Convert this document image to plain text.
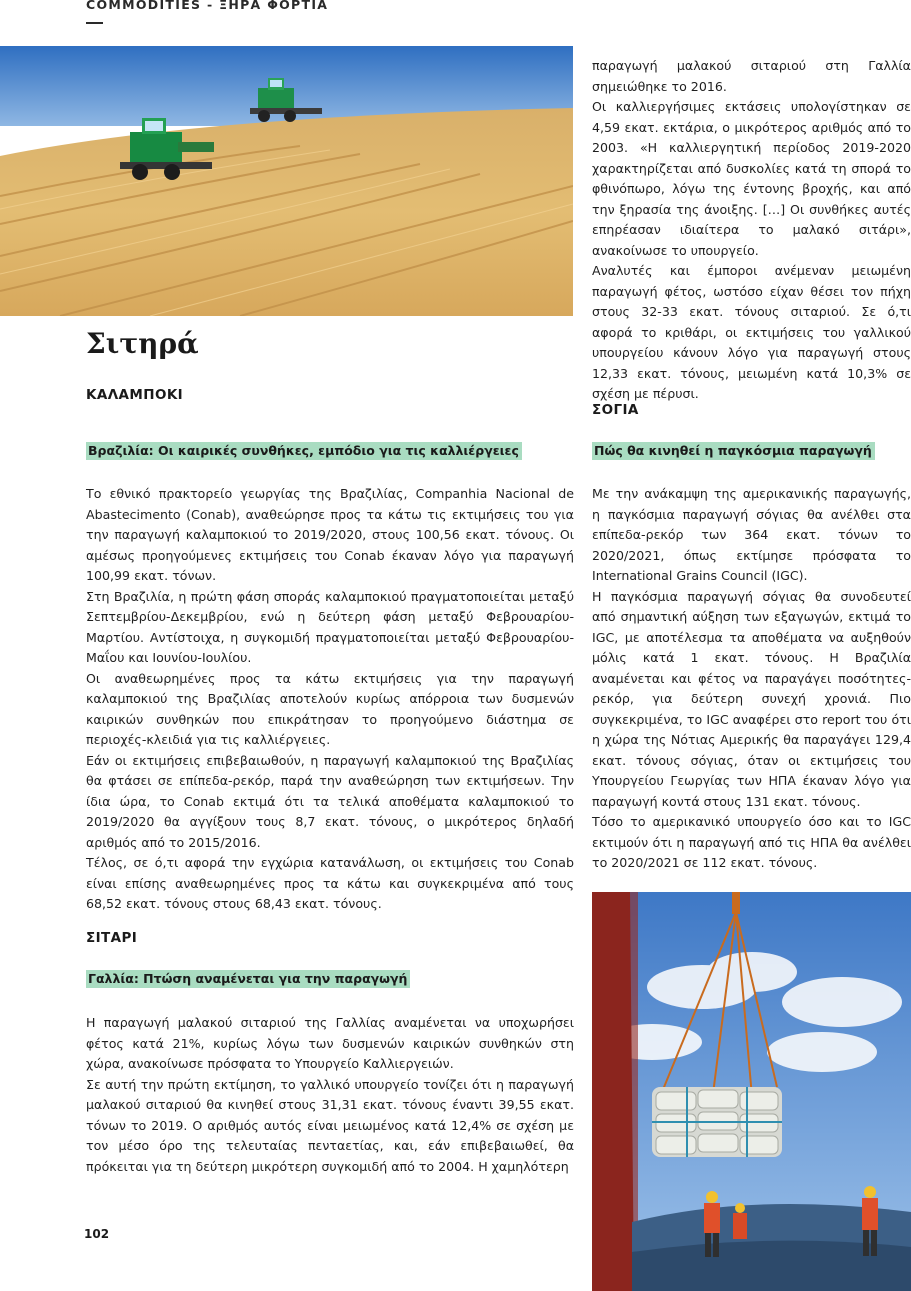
COMMODITIES - ΞΗΡΑ ΦΟΡΤΙΑ
Σιτηρά
ΚΑΛΑΜΠΟΚΙ
Βραζιλία: Οι καιρικές συνθήκες, εμπόδιο για τις καλλιέργειες

Το εθνικό πρακτορείο γεωργίας της Βραζιλίας, Companhia Nacional de Abastecimento (Conab), αναθεώρησε προς τα κάτω τις εκτιμήσεις του για την παραγωγή καλαμποκιού το 2019/2020, στους 100,56 εκατ. τόνους. Οι αμέσως προηγούμενες εκτιμήσεις του Conab έκαναν λόγο για παραγωγή 100,99 εκατ. τόνων.

Στη Βραζιλία, η πρώτη φάση σποράς καλαμποκιού πραγματοποιείται μεταξύ Σεπτεμβρίου-Δεκεμβρίου, ενώ η δεύτερη φάση μεταξύ Φεβρουαρίου-Μαρτίου. Αντίστοιχα, η συγκομιδή πραγματοποιείται μεταξύ Φεβρουαρίου-Μαΐου και Ιουνίου-Ιουλίου.

Οι αναθεωρημένες προς τα κάτω εκτιμήσεις για την παραγωγή καλαμποκιού της Βραζιλίας αποτελούν κυρίως απόρροια των δυσμενών καιρικών συνθηκών που επικράτησαν το προηγούμενο διάστημα σε περιοχές-κλειδιά για τις καλλιέργειες.

Εάν οι εκτιμήσεις επιβεβαιωθούν, η παραγωγή καλαμποκιού της Βραζιλίας θα φτάσει σε επίπεδα-ρεκόρ, παρά την αναθεώρηση των εκτιμήσεων. Την ίδια ώρα, το Conab εκτιμά ότι τα τελικά αποθέματα καλαμποκιού το 2019/2020 θα αγγίξουν τους 8,7 εκατ. τόνους, ο μικρότερος δηλαδή αριθμός από το 2015/2016.

Τέλος, σε ό,τι αφορά την εγχώρια κατανάλωση, οι εκτιμήσεις του Conab είναι επίσης αναθεωρημένες προς τα κάτω και συγκεκριμένα από τους 68,52 εκατ. τόνους στους 68,43 εκατ. τόνους.

ΣΙΤΑΡΙ
Γαλλία: Πτώση αναμένεται για την παραγωγή

Η παραγωγή μαλακού σιταριού της Γαλλίας αναμένεται να υποχωρήσει φέτος κατά 21%, κυρίως λόγω των δυσμενών καιρικών συνθηκών στη χώρα, ανακοίνωσε πρόσφατα το Υπουργείο Καλλιεργειών.

Σε αυτή την πρώτη εκτίμηση, το γαλλικό υπουργείο τονίζει ότι η παραγωγή μαλακού σιταριού θα κινηθεί στους 31,31 εκατ. τόνους έναντι 39,55 εκατ. τόνων το 2019. Ο αριθμός αυτός είναι μειωμένος κατά 12,4% σε σχέση με τον μέσο όρο της τελευταίας πενταετίας, και, εάν επιβεβαιωθεί, θα πρόκειται για τη δεύτερη μικρότερη συγκομιδή από το 2004. Η χαμηλότερη

παραγωγή μαλακού σιταριού στη Γαλλία σημειώθηκε το 2016.

Οι καλλιεργήσιμες εκτάσεις υπολογίστηκαν σε 4,59 εκατ. εκτάρια, ο μικρότερος αριθμός από το 2003. «Η καλλιεργητική περίοδος 2019-2020 χαρακτηρίζεται από δυσκολίες κατά τη σπορά το φθινόπωρο, λόγω της έντονης βροχής, και από την ξηρασία της άνοιξης. […] Οι συνθήκες αυτές επηρέασαν ιδιαίτερα το μαλακό σιτάρι», ανακοίνωσε το υπουργείο.

Αναλυτές και έμποροι ανέμεναν μειωμένη παραγωγή φέτος, ωστόσο είχαν θέσει τον πήχη στους 32-33 εκατ. τόνους σιταριού. Σε ό,τι αφορά το κριθάρι, οι εκτιμήσεις του γαλλικού υπουργείου κάνουν λόγο για παραγωγή στους 12,33 εκατ. τόνους, μειωμένη κατά 10,3% σε σχέση με πέρυσι.

ΣΟΓΙΑ
Πώς θα κινηθεί η παγκόσμια παραγωγή

Με την ανάκαμψη της αμερικανικής παραγωγής, η παγκόσμια παραγωγή σόγιας θα ανέλθει στα επίπεδα-ρεκόρ των 364 εκατ. τόνων το 2020/2021, όπως εκτίμησε πρόσφατα το International Grains Council (IGC).

Η παγκόσμια παραγωγή σόγιας θα συνοδευτεί από σημαντική αύξηση των εξαγωγών, εκτιμά το IGC, με αποτέλεσμα τα αποθέματα να αυξηθούν μόλις κατά 1 εκατ. τόνους. Η Βραζιλία αναμένεται και φέτος να παραγάγει ποσότητες-ρεκόρ, για δεύτερη συνεχή χρονιά. Πιο συγκεκριμένα, το IGC αναφέρει στο report του ότι η χώρα της Νότιας Αμερικής θα παραγάγει 129,4 εκατ. τόνους σόγιας, όταν οι εκτιμήσεις του Υπουργείου Γεωργίας των ΗΠΑ έκαναν λόγο για παραγωγή κοντά στους 131 εκατ. τόνους.

Τόσο το αμερικανικό υπουργείο όσο και το IGC εκτιμούν ότι η παραγωγή από τις ΗΠΑ θα ανέλθει το 2020/2021 σε 112 εκατ. τόνους.

102
